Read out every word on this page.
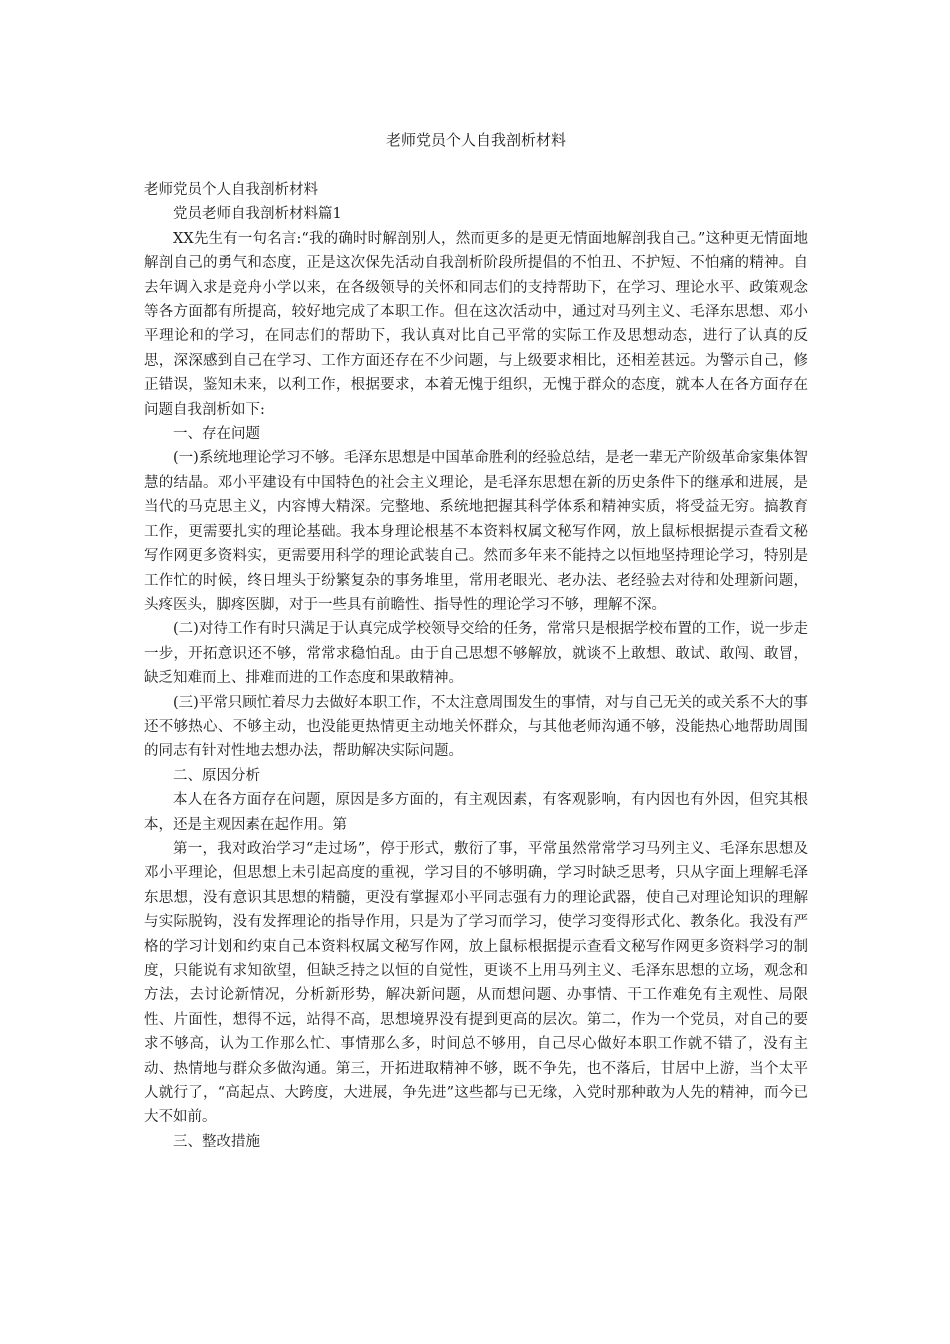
老师党员个人自我剖析材料

老师党员个人自我剖析材料

党员老师自我剖析材料篇1

XX先生有一句名言:“我的确时时解剖别人，然而更多的是更无情面地解剖我自己。”这种更无情面地解剖自己的勇气和态度，正是这次保先活动自我剖析阶段所提倡的不怕丑、不护短、不怕痛的精神。自去年调入求是竞舟小学以来，在各级领导的关怀和同志们的支持帮助下，在学习、理论水平、政策观念等各方面都有所提高，较好地完成了本职工作。但在这次活动中，通过对马列主义、毛泽东思想、邓小平理论和的学习，在同志们的帮助下，我认真对比自己平常的实际工作及思想动态，进行了认真的反思，深深感到自己在学习、工作方面还存在不少问题，与上级要求相比，还相差甚远。为警示自己，修正错误，鉴知未来，以利工作，根据要求，本着无愧于组织，无愧于群众的态度，就本人在各方面存在问题自我剖析如下:

一、存在问题

(一)系统地理论学习不够。毛泽东思想是中国革命胜利的经验总结，是老一辈无产阶级革命家集体智慧的结晶。邓小平建设有中国特色的社会主义理论，是毛泽东思想在新的历史条件下的继承和进展，是当代的马克思主义，内容博大精深。完整地、系统地把握其科学体系和精神实质，将受益无穷。搞教育工作，更需要扎实的理论基础。我本身理论根基不本资料权属文秘写作网，放上鼠标根据提示查看文秘写作网更多资料实，更需要用科学的理论武装自己。然而多年来不能持之以恒地坚持理论学习，特别是工作忙的时候，终日埋头于纷繁复杂的事务堆里，常用老眼光、老办法、老经验去对待和处理新问题，头疼医头，脚疼医脚，对于一些具有前瞻性、指导性的理论学习不够，理解不深。

(二)对待工作有时只满足于认真完成学校领导交给的任务，常常只是根据学校布置的工作，说一步走一步，开拓意识还不够，常常求稳怕乱。由于自己思想不够解放，就谈不上敢想、敢试、敢闯、敢冒，缺乏知难而上、排难而进的工作态度和果敢精神。

(三)平常只顾忙着尽力去做好本职工作，不太注意周围发生的事情，对与自己无关的或关系不大的事还不够热心、不够主动，也没能更热情更主动地关怀群众，与其他老师沟通不够，没能热心地帮助周围的同志有针对性地去想办法，帮助解决实际问题。

二、原因分析

本人在各方面存在问题，原因是多方面的，有主观因素，有客观影响，有内因也有外因，但究其根本，还是主观因素在起作用。第

第一，我对政治学习“走过场”，停于形式，敷衍了事，平常虽然常常学习马列主义、毛泽东思想及邓小平理论，但思想上未引起高度的重视，学习目的不够明确，学习时缺乏思考，只从字面上理解毛泽东思想，没有意识其思想的精髓，更没有掌握邓小平同志强有力的理论武器，使自己对理论知识的理解与实际脱钩，没有发挥理论的指导作用，只是为了学习而学习，使学习变得形式化、教条化。我没有严格的学习计划和约束自己本资料权属文秘写作网，放上鼠标根据提示查看文秘写作网更多资料学习的制度，只能说有求知欲望，但缺乏持之以恒的自觉性，更谈不上用马列主义、毛泽东思想的立场，观念和方法，去讨论新情况，分析新形势，解决新问题，从而想问题、办事情、干工作难免有主观性、局限性、片面性，想得不远，站得不高，思想境界没有提到更高的层次。第二，作为一个党员，对自己的要求不够高，认为工作那么忙、事情那么多，时间总不够用，自己尽心做好本职工作就不错了，没有主动、热情地与群众多做沟通。第三，开拓进取精神不够，既不争先，也不落后，甘居中上游，当个太平人就行了，“高起点、大跨度，大进展，争先进”这些都与已无缘，入党时那种敢为人先的精神，而今已大不如前。

三、整改措施
